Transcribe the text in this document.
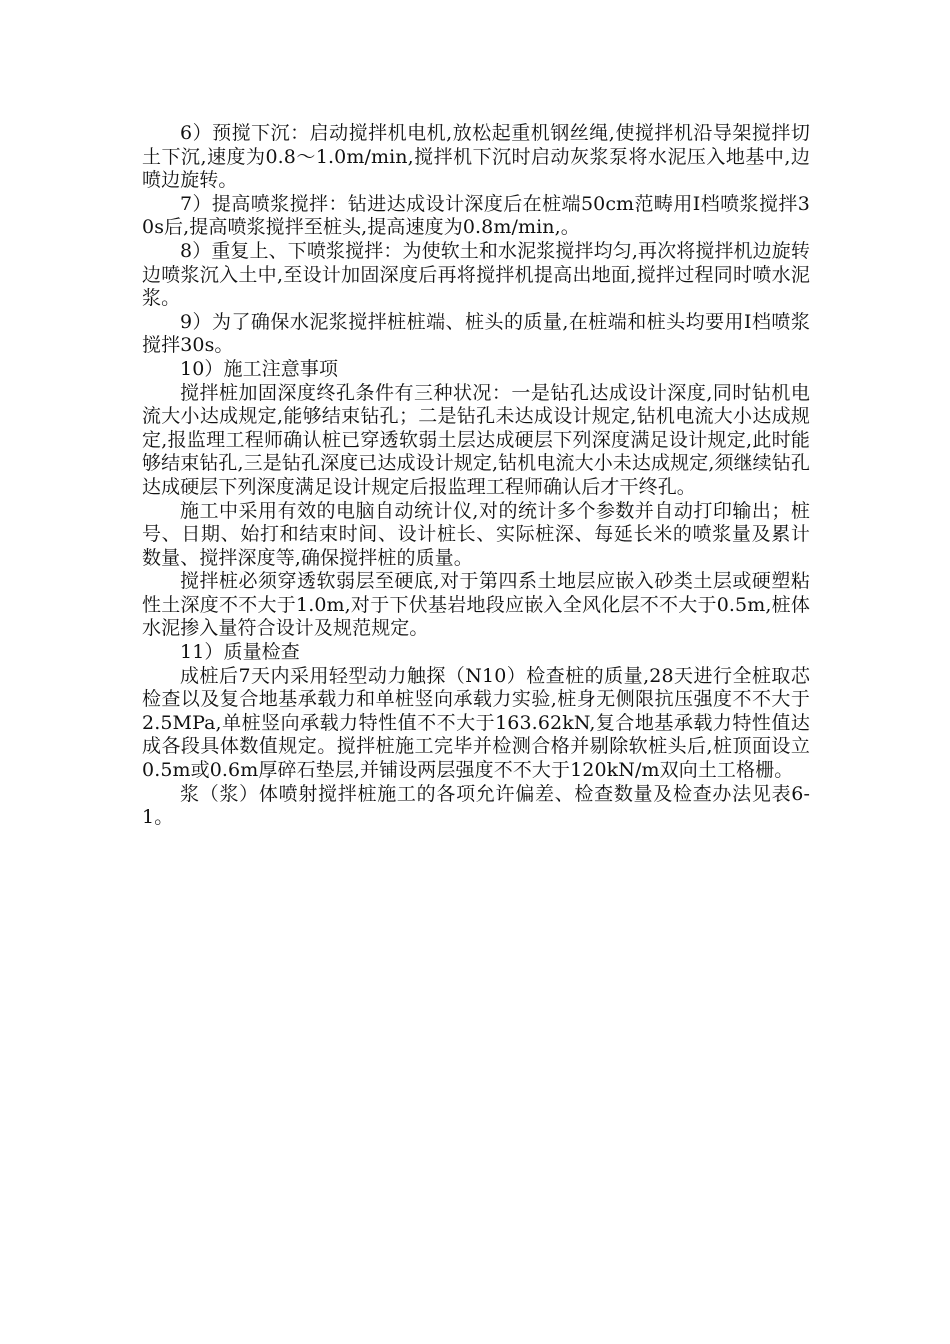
6）预搅下沉：启动搅拌机电机,放松起重机钢丝绳,使搅拌机沿导架搅拌切土下沉,速度为0.8～1.0m/min,搅拌机下沉时启动灰浆泵将水泥压入地基中,边喷边旋转。

7）提高喷浆搅拌：钻进达成设计深度后在桩端50cm范畴用Ⅰ档喷浆搅拌30s后,提高喷浆搅拌至桩头,提高速度为0.8m/min,。

8）重复上、下喷浆搅拌：为使软土和水泥浆搅拌均匀,再次将搅拌机边旋转边喷浆沉入土中,至设计加固深度后再将搅拌机提高出地面,搅拌过程同时喷水泥浆。

9）为了确保水泥浆搅拌桩桩端、桩头的质量,在桩端和桩头均要用Ⅰ档喷浆搅拌30s。

10）施工注意事项

搅拌桩加固深度终孔条件有三种状况：一是钻孔达成设计深度,同时钻机电流大小达成规定,能够结束钻孔；二是钻孔未达成设计规定,钻机电流大小达成规定,报监理工程师确认桩已穿透软弱土层达成硬层下列深度满足设计规定,此时能够结束钻孔,三是钻孔深度已达成设计规定,钻机电流大小未达成规定,须继续钻孔达成硬层下列深度满足设计规定后报监理工程师确认后才干终孔。

施工中采用有效的电脑自动统计仪,对的统计多个参数并自动打印输出；桩号、日期、始打和结束时间、设计桩长、实际桩深、每延长米的喷浆量及累计数量、搅拌深度等,确保搅拌桩的质量。

搅拌桩必须穿透软弱层至硬底,对于第四系土地层应嵌入砂类土层或硬塑粘性土深度不不大于1.0m,对于下伏基岩地段应嵌入全风化层不不大于0.5m,桩体水泥掺入量符合设计及规范规定。

11）质量检查

成桩后7天内采用轻型动力触探（N10）检查桩的质量,28天进行全桩取芯检查以及复合地基承载力和单桩竖向承载力实验,桩身无侧限抗压强度不不大于2.5MPa,单桩竖向承载力特性值不不大于163.62kN,复合地基承载力特性值达成各段具体数值规定。搅拌桩施工完毕并检测合格并剔除软桩头后,桩顶面设立0.5m或0.6m厚碎石垫层,并铺设两层强度不不大于120kN/m双向土工格栅。

浆（浆）体喷射搅拌桩施工的各项允许偏差、检查数量及检查办法见表6-1。
